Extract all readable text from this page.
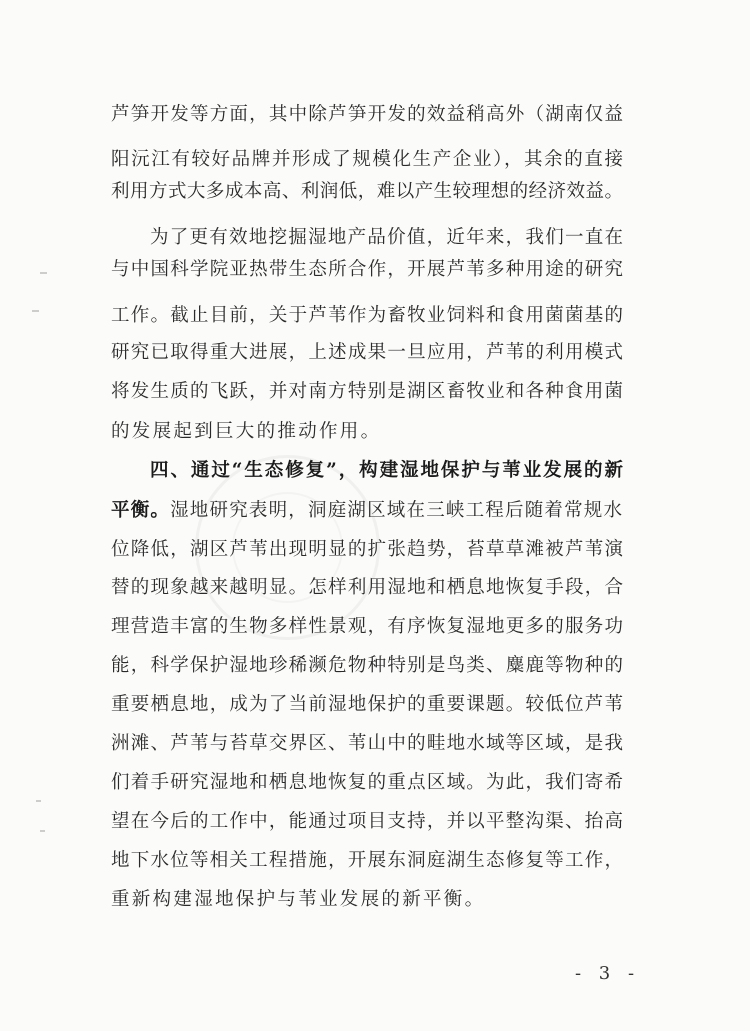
芦笋开发等方面，其中除芦笋开发的效益稍高外（湖南仅益
阳沅江有较好品牌并形成了规模化生产企业），其余的直接
利用方式大多成本高、利润低，难以产生较理想的经济效益。
为了更有效地挖掘湿地产品价值，近年来，我们一直在
与中国科学院亚热带生态所合作，开展芦苇多种用途的研究
工作。截止目前，关于芦苇作为畜牧业饲料和食用菌菌基的
研究已取得重大进展，上述成果一旦应用，芦苇的利用模式
将发生质的飞跃，并对南方特别是湖区畜牧业和各种食用菌
的发展起到巨大的推动作用。
四、通过“生态修复”，构建湿地保护与苇业发展的新
平衡。湿地研究表明，洞庭湖区域在三峡工程后随着常规水
位降低，湖区芦苇出现明显的扩张趋势，苔草草滩被芦苇演
替的现象越来越明显。怎样利用湿地和栖息地恢复手段，合
理营造丰富的生物多样性景观，有序恢复湿地更多的服务功
能，科学保护湿地珍稀濒危物种特别是鸟类、麋鹿等物种的
重要栖息地，成为了当前湿地保护的重要课题。较低位芦苇
洲滩、芦苇与苔草交界区、苇山中的畦地水域等区域，是我
们着手研究湿地和栖息地恢复的重点区域。为此，我们寄希
望在今后的工作中，能通过项目支持，并以平整沟渠、抬高
地下水位等相关工程措施，开展东洞庭湖生态修复等工作，
重新构建湿地保护与苇业发展的新平衡。
- 3 -
